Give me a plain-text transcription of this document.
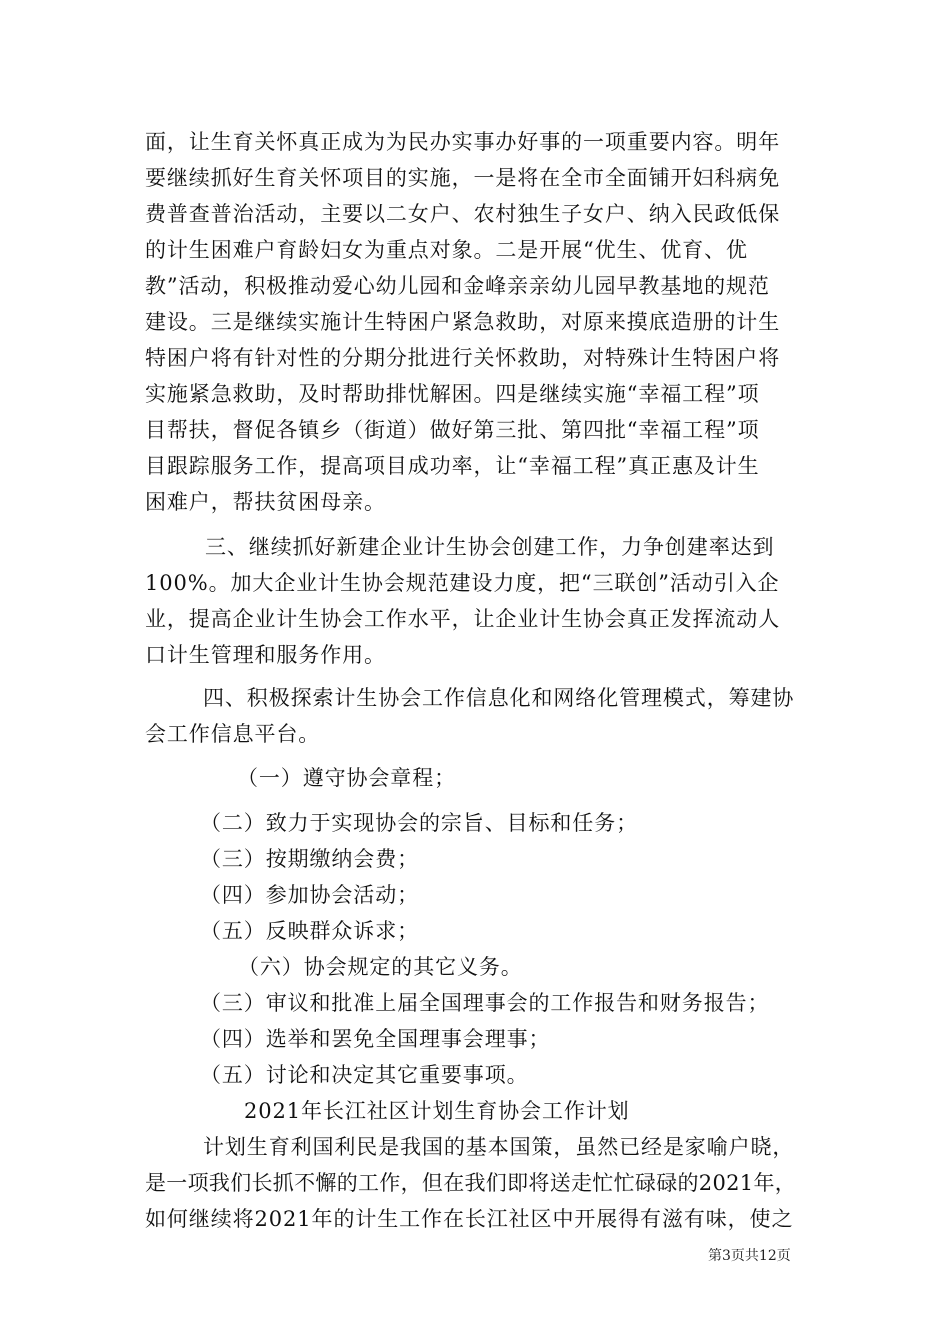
面，让生育关怀真正成为为民办实事办好事的一项重要内容。明年
要继续抓好生育关怀项目的实施，一是将在全市全面铺开妇科病免
费普查普治活动，主要以二女户、农村独生子女户、纳入民政低保
的计生困难户育龄妇女为重点对象。二是开展“优生、优育、优
教”活动，积极推动爱心幼儿园和金峰亲亲幼儿园早教基地的规范
建设。三是继续实施计生特困户紧急救助，对原来摸底造册的计生
特困户将有针对性的分期分批进行关怀救助，对特殊计生特困户将
实施紧急救助，及时帮助排忧解困。四是继续实施“幸福工程”项
目帮扶，督促各镇乡（街道）做好第三批、第四批“幸福工程”项
目跟踪服务工作，提高项目成功率，让“幸福工程”真正惠及计生
困难户，帮扶贫困母亲。
三、继续抓好新建企业计生协会创建工作，力争创建率达到
100%。加大企业计生协会规范建设力度，把“三联创”活动引入企
业，提高企业计生协会工作水平，让企业计生协会真正发挥流动人
口计生管理和服务作用。
四、积极探索计生协会工作信息化和网络化管理模式，筹建协
会工作信息平台。
（一）遵守协会章程；
（二）致力于实现协会的宗旨、目标和任务；
（三）按期缴纳会费；
（四）参加协会活动；
（五）反映群众诉求；
（六）协会规定的其它义务。
（三）审议和批准上届全国理事会的工作报告和财务报告；
（四）选举和罢免全国理事会理事；
（五）讨论和决定其它重要事项。
2021年长江社区计划生育协会工作计划
计划生育利国利民是我国的基本国策，虽然已经是家喻户晓，
是一项我们长抓不懈的工作，但在我们即将送走忙忙碌碌的2021年，
如何继续将2021年的计生工作在长江社区中开展得有滋有味，使之
第3页共12页
